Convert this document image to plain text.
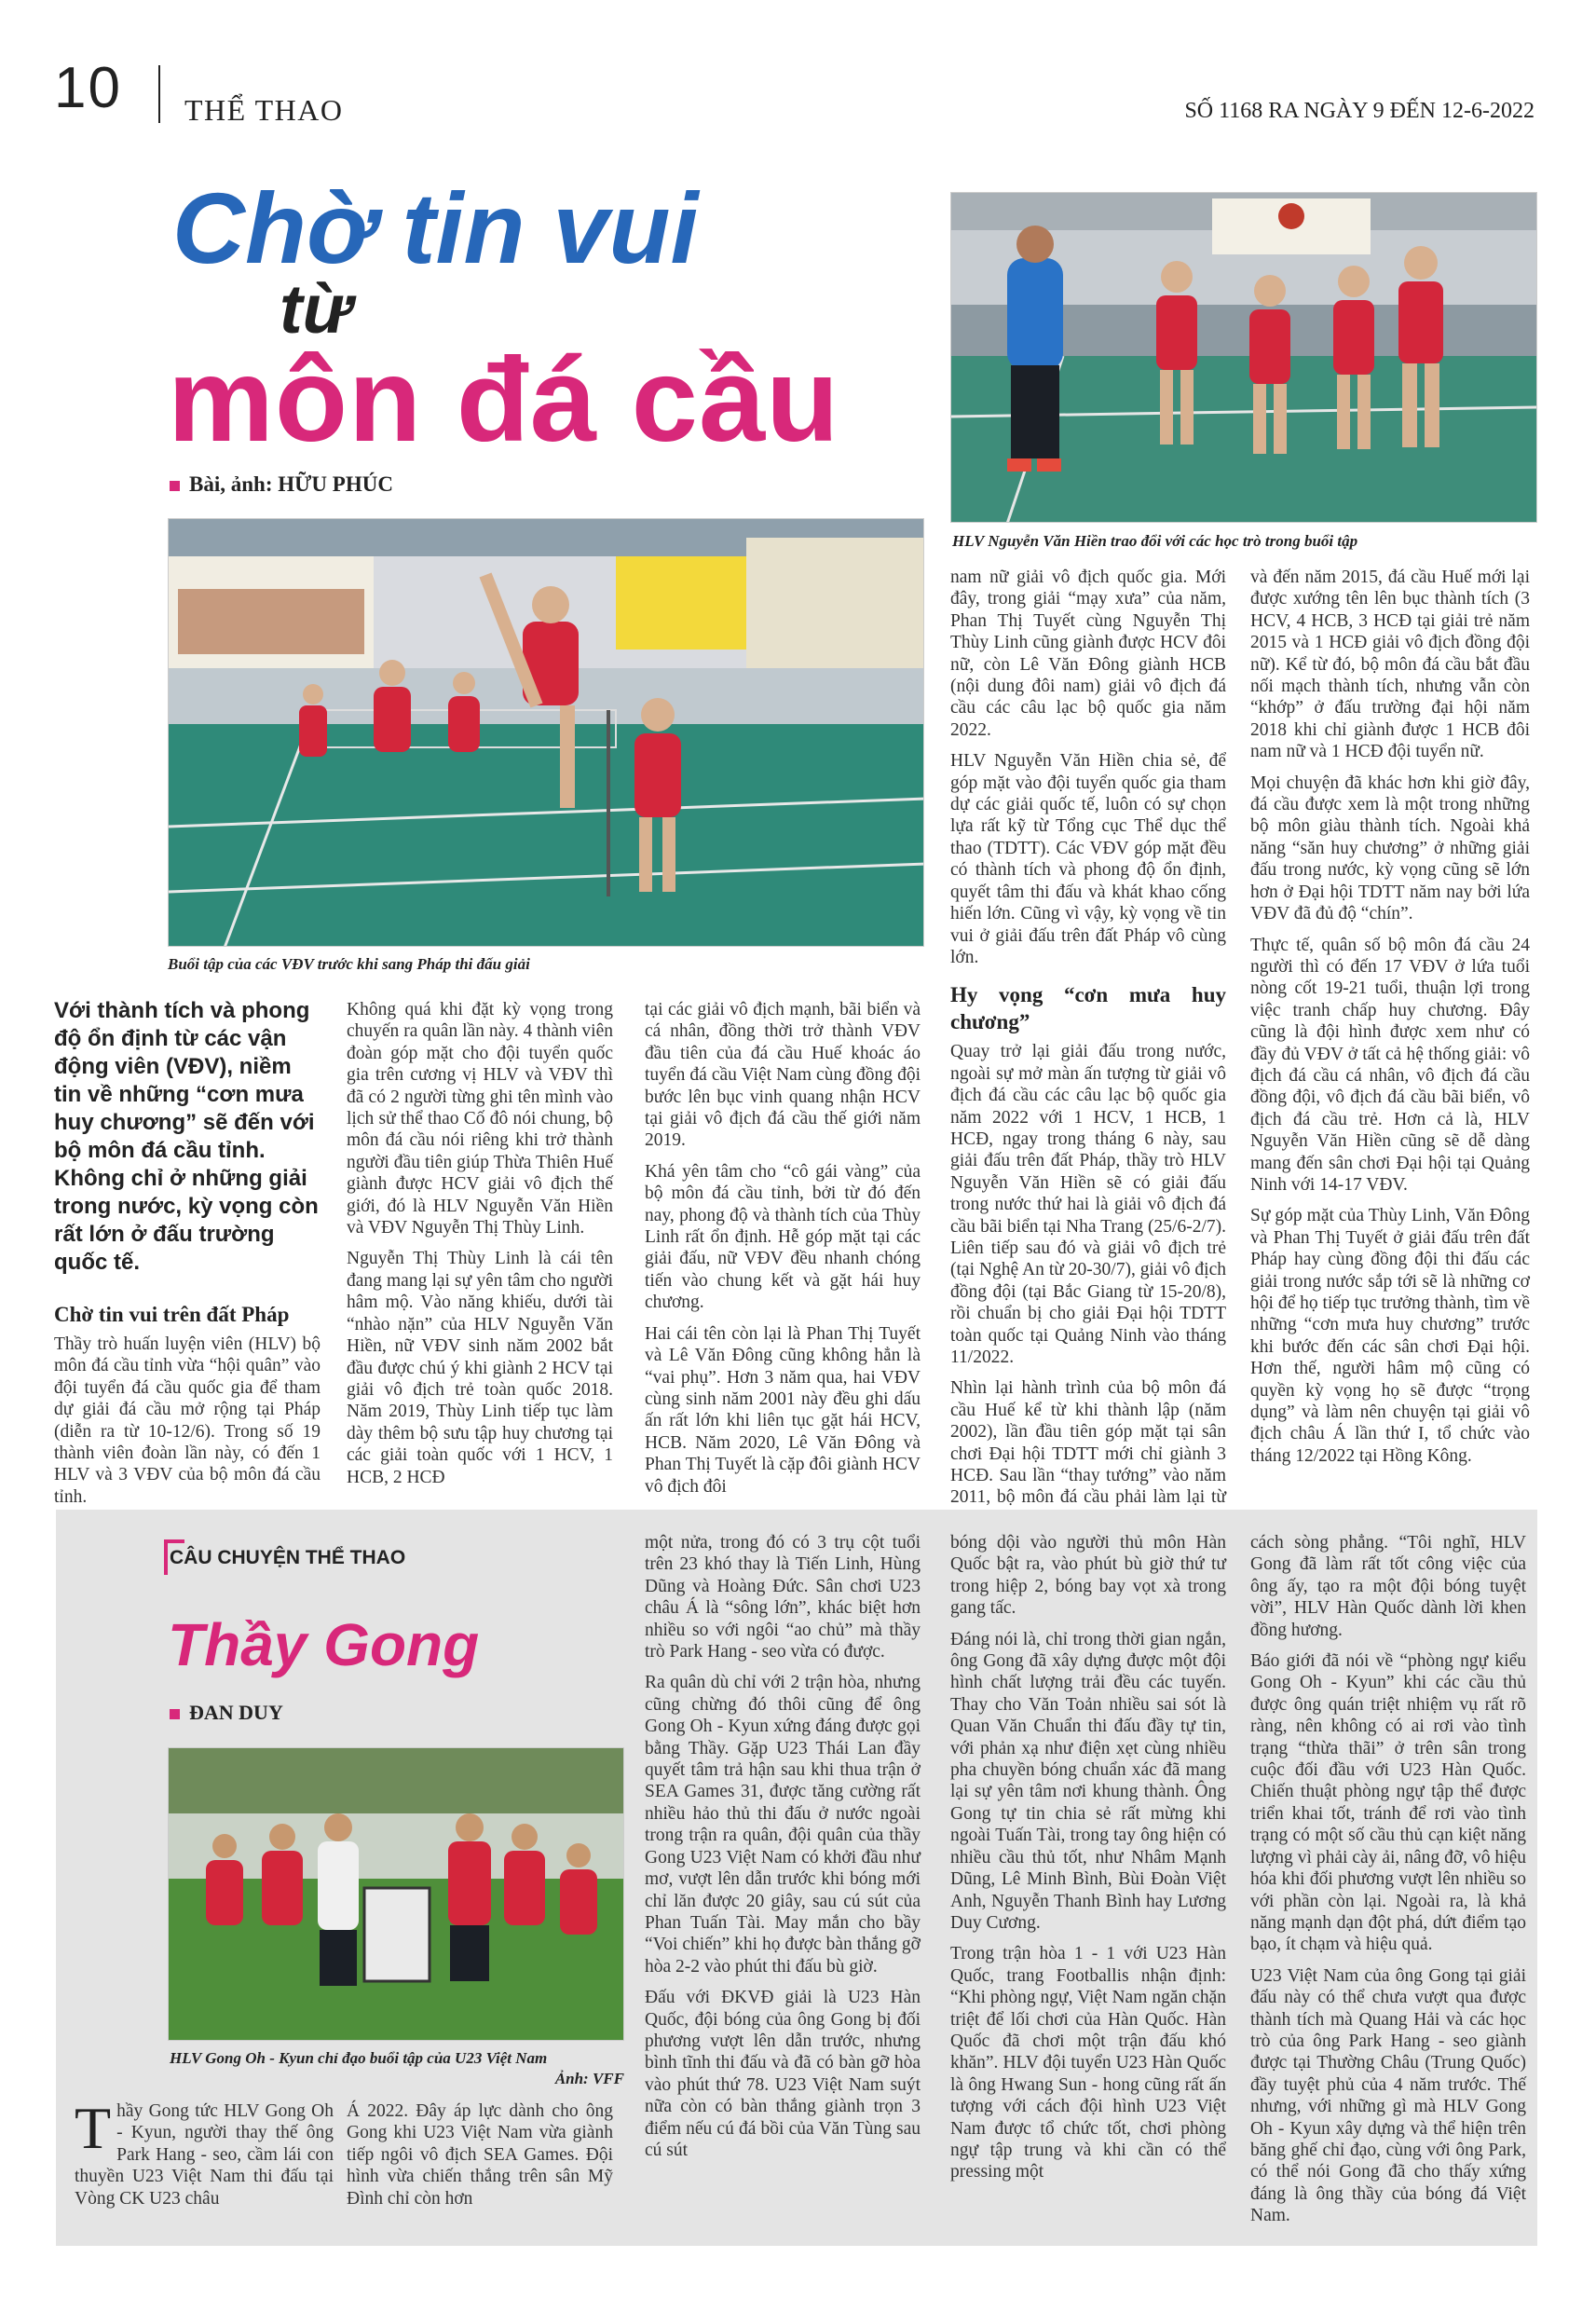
10 THỂ THAO	SỐ 1168 RA NGÀY 9 ĐẾN 12-6-2022
Chờ tin vui
từ
môn đá cầu
Bài, ảnh: HỮU PHÚC
HLV Nguyễn Văn Hiền trao đổi với các học trò trong buổi tập
Buổi tập của các VĐV trước khi sang Pháp thi đấu giải
Với thành tích và phong độ ổn định từ các vận động viên (VĐV), niềm tin về những “cơn mưa huy chương” sẽ đến với bộ môn đá cầu tỉnh. Không chỉ ở những giải trong nước, kỳ vọng còn rất lớn ở đấu trường quốc tế.
Chờ tin vui trên đất Pháp

Thầy trò huấn luyện viên (HLV) bộ môn đá cầu tỉnh vừa “hội quân” vào đội tuyển đá cầu quốc gia để tham dự giải đá cầu mở rộng tại Pháp (diễn ra từ 10-12/6). Trong số 19 thành viên đoàn lần này, có đến 1 HLV và 3 VĐV của bộ môn đá cầu tỉnh.

Không quá khi đặt kỳ vọng trong chuyến ra quân lần này. 4 thành viên đoàn góp mặt cho đội tuyển quốc gia trên cương vị HLV và VĐV thì đã có 2 người từng ghi tên mình vào lịch sử thể thao Cố đô nói chung, bộ môn đá cầu nói riêng khi trở thành người đầu tiên giúp Thừa Thiên Huế giành được HCV giải vô địch thế giới, đó là HLV Nguyễn Văn Hiền và VĐV Nguyễn Thị Thùy Linh.

Nguyễn Thị Thùy Linh là cái tên đang mang lại sự yên tâm cho người hâm mộ. Vào năng khiếu, dưới tài “nhào nặn” của HLV Nguyễn Văn Hiền, nữ VĐV sinh năm 2002 bắt đầu được chú ý khi giành 2 HCV tại giải vô địch trẻ toàn quốc 2018. Năm 2019, Thùy Linh tiếp tục làm dày thêm bộ sưu tập huy chương tại các giải toàn quốc với 1 HCV, 1 HCB, 2 HCĐ

tại các giải vô địch mạnh, bãi biển và cá nhân, đồng thời trở thành VĐV đầu tiên của đá cầu Huế khoác áo tuyển đá cầu Việt Nam cùng đồng đội bước lên bục vinh quang nhận HCV tại giải vô địch đá cầu thế giới năm 2019.

Khá yên tâm cho “cô gái vàng” của bộ môn đá cầu tỉnh, bởi từ đó đến nay, phong độ và thành tích của Thùy Linh rất ổn định. Hễ góp mặt tại các giải đấu, nữ VĐV đều nhanh chóng tiến vào chung kết và gặt hái huy chương.

Hai cái tên còn lại là Phan Thị Tuyết và Lê Văn Đông cũng không hẳn là “vai phụ”. Hơn 3 năm qua, hai VĐV cùng sinh năm 2001 này đều ghi dấu ấn rất lớn khi liên tục gặt hái HCV, HCB. Năm 2020, Lê Văn Đông và Phan Thị Tuyết là cặp đôi giành HCV vô địch đôi

nam nữ giải vô địch quốc gia. Mới đây, trong giải “mạy xưa” của năm, Phan Thị Tuyết cùng Nguyễn Thị Thùy Linh cũng giành được HCV đôi nữ, còn Lê Văn Đông giành HCB (nội dung đôi nam) giải vô địch đá cầu các câu lạc bộ quốc gia năm 2022.

HLV Nguyễn Văn Hiền chia sẻ, để góp mặt vào đội tuyển quốc gia tham dự các giải quốc tế, luôn có sự chọn lựa rất kỹ từ Tổng cục Thể dục thể thao (TDTT). Các VĐV góp mặt đều có thành tích và phong độ ổn định, quyết tâm thi đấu và khát khao cống hiến lớn. Cũng vì vậy, kỳ vọng về tin vui ở giải đấu trên đất Pháp vô cùng lớn.

Hy vọng “cơn mưa huy chương”

Quay trở lại giải đấu trong nước, ngoài sự mở màn ấn tượng từ giải vô địch đá cầu các câu lạc bộ quốc gia năm 2022 với 1 HCV, 1 HCB, 1 HCĐ, ngay trong tháng 6 này, sau giải đấu trên đất Pháp, thầy trò HLV Nguyễn Văn Hiền sẽ có giải đấu trong nước thứ hai là giải vô địch đá cầu bãi biển tại Nha Trang (25/6-2/7). Liên tiếp sau đó và giải vô địch trẻ (tại Nghệ An từ 20-30/7), giải vô địch đồng đội (tại Bắc Giang từ 15-20/8), rồi chuẩn bị cho giải Đại hội TDTT toàn quốc tại Quảng Ninh vào tháng 11/2022.

Nhìn lại hành trình của bộ môn đá cầu Huế kể từ khi thành lập (năm 2002), lần đầu tiên góp mặt tại sân chơi Đại hội TDTT mới chỉ giành 3 HCĐ. Sau lần “thay tướng” vào năm 2011, bộ môn đá cầu phải làm lại từ

và đến năm 2015, đá cầu Huế mới lại được xướng tên lên bục thành tích (3 HCV, 4 HCB, 3 HCĐ tại giải trẻ năm 2015 và 1 HCĐ giải vô địch đồng đội nữ). Kể từ đó, bộ môn đá cầu bắt đầu nối mạch thành tích, nhưng vẫn còn “khớp” ở đấu trường đại hội năm 2018 khi chỉ giành được 1 HCB đôi nam nữ và 1 HCĐ đội tuyển nữ.

Mọi chuyện đã khác hơn khi giờ đây, đá cầu được xem là một trong những bộ môn giàu thành tích. Ngoài khả năng “săn huy chương” ở những giải đấu trong nước, kỳ vọng cũng sẽ lớn hơn ở Đại hội TDTT năm nay bởi lứa VĐV đã đủ độ “chín”.

Thực tế, quân số bộ môn đá cầu 24 người thì có đến 17 VĐV ở lứa tuổi nòng cốt 19-21 tuổi, thuận lợi trong việc tranh chấp huy chương. Đây cũng là đội hình được xem như có đầy đủ VĐV ở tất cả hệ thống giải: vô địch đá cầu cá nhân, vô địch đá cầu đồng đội, vô địch đá cầu bãi biển, vô địch đá cầu trẻ. Hơn cả là, HLV Nguyễn Văn Hiền cũng sẽ dễ dàng mang đến sân chơi Đại hội tại Quảng Ninh với 14-17 VĐV.

Sự góp mặt của Thùy Linh, Văn Đông và Phan Thị Tuyết ở giải đấu trên đất Pháp hay cùng đồng đội thi đấu các giải trong nước sắp tới sẽ là những cơ hội để họ tiếp tục trưởng thành, tìm về những “cơn mưa huy chương” trước khi bước đến các sân chơi Đại hội. Hơn thế, người hâm mộ cũng có quyền kỳ vọng họ sẽ được “trọng dụng” và làm nên chuyện tại giải vô địch châu Á lần thứ I, tổ chức vào tháng 12/2022 tại Hồng Kông.

CÂU CHUYỆN THỂ THAO
Thầy Gong
ĐAN DUY
HLV Gong Oh - Kyun chỉ đạo buổi tập của U23 Việt Nam
Ảnh: VFF

Thầy Gong tức HLV Gong Oh - Kyun, người thay thế ông Park Hang - seo, cầm lái con thuyền U23 Việt Nam thi đấu tại Vòng CK U23 châu

Á 2022. Đây áp lực dành cho ông Gong khi U23 Việt Nam vừa giành tiếp ngôi vô địch SEA Games. Đội hình vừa chiến thắng trên sân Mỹ Đình chỉ còn hơn

một nửa, trong đó có 3 trụ cột tuổi trên 23 khó thay là Tiến Linh, Hùng Dũng và Hoàng Đức. Sân chơi U23 châu Á là “sông lớn”, khác biệt hơn nhiều so với ngôi “ao chủ” mà thầy trò Park Hang - seo vừa có được.

Ra quân dù chỉ với 2 trận hòa, nhưng cũng chừng đó thôi cũng để ông Gong Oh - Kyun xứng đáng được gọi bằng Thầy. Gặp U23 Thái Lan đầy quyết tâm trả hận sau khi thua trận ở SEA Games 31, được tăng cường rất nhiều hảo thủ thi đấu ở nước ngoài trong trận ra quân, đội quân của thầy Gong U23 Việt Nam có khởi đầu như mơ, vượt lên dẫn trước khi bóng mới chỉ lăn được 20 giây, sau cú sút của Phan Tuấn Tài. May mắn cho bầy “Voi chiến” khi họ được bàn thắng gỡ hòa 2-2 vào phút thi đấu bù giờ.

Đấu với ĐKVĐ giải là U23 Hàn Quốc, đội bóng của ông Gong bị đối phương vượt lên dẫn trước, nhưng bình tĩnh thi đấu và đã có bàn gỡ hòa vào phút thứ 78. U23 Việt Nam suýt nữa còn có bàn thắng giành trọn 3 điểm nếu cú đá bồi của Văn Tùng sau cú sút

bóng dội vào người thủ môn Hàn Quốc bật ra, vào phút bù giờ thứ tư trong hiệp 2, bóng bay vọt xà trong gang tấc.

Đáng nói là, chỉ trong thời gian ngắn, ông Gong đã xây dựng được một đội hình chất lượng trải đều các tuyến. Thay cho Văn Toản nhiều sai sót là Quan Văn Chuẩn thi đấu đầy tự tin, với phản xạ như điện xẹt cùng nhiều pha chuyền bóng chuẩn xác đã mang lại sự yên tâm nơi khung thành. Ông Gong tự tin chia sẻ rất mừng khi ngoài Tuấn Tài, trong tay ông hiện có nhiều cầu thủ tốt, như Nhâm Mạnh Dũng, Lê Minh Bình, Bùi Đoàn Việt Anh, Nguyễn Thanh Bình hay Lương Duy Cương.

Trong trận hòa 1 - 1 với U23 Hàn Quốc, trang Footballis nhận định: “Khi phòng ngự, Việt Nam ngăn chặn triệt để lối chơi của Hàn Quốc. Hàn Quốc đã chơi một trận đấu khó khăn”. HLV đội tuyển U23 Hàn Quốc là ông Hwang Sun - hong cũng rất ấn tượng với cách đội hình U23 Việt Nam được tổ chức tốt, chơi phòng ngự tập trung và khi cần có thể pressing một

cách sòng phẳng. “Tôi nghĩ, HLV Gong đã làm rất tốt công việc của ông ấy, tạo ra một đội bóng tuyệt vời”, HLV Hàn Quốc dành lời khen đồng hương.

Báo giới đã nói về “phòng ngự kiểu Gong Oh - Kyun” khi các cầu thủ được ông quán triệt nhiệm vụ rất rõ ràng, nên không có ai rơi vào tình trạng “thừa thãi” ở trên sân trong cuộc đối đầu với U23 Hàn Quốc. Chiến thuật phòng ngự tập thể được triển khai tốt, tránh để rơi vào tình trạng có một số cầu thủ cạn kiệt năng lượng vì phải cày ải, nâng đỡ, vô hiệu hóa khi đối phương vượt lên nhiều so với phần còn lại. Ngoài ra, là khả năng mạnh dạn đột phá, dứt điểm tạo bạo, ít chạm và hiệu quả.

U23 Việt Nam của ông Gong tại giải đấu này có thể chưa vượt qua được thành tích mà Quang Hải và các học trò của ông Park Hang - seo giành được tại Thường Châu (Trung Quốc) đầy tuyệt phủ của 4 năm trước. Thế nhưng, với những gì mà HLV Gong Oh - Kyun xây dựng và thể hiện trên băng ghế chỉ đạo, cùng với ông Park, có thể nói Gong đã cho thấy xứng đáng là ông thầy của bóng đá Việt Nam.
